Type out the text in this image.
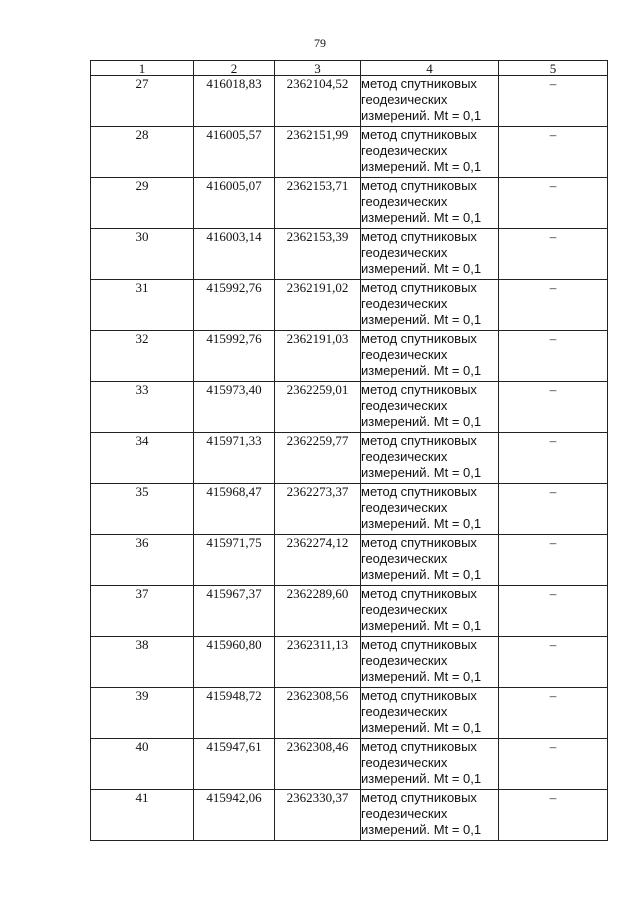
79
1	2	3	4	5
27	416018,83	2362104,52	метод спутниковых
геодезических
измерений. Mt = 0,1	–
28	416005,57	2362151,99	метод спутниковых
геодезических
измерений. Mt = 0,1	–
29	416005,07	2362153,71	метод спутниковых
геодезических
измерений. Mt = 0,1	–
30	416003,14	2362153,39	метод спутниковых
геодезических
измерений. Mt = 0,1	–
31	415992,76	2362191,02	метод спутниковых
геодезических
измерений. Mt = 0,1	–
32	415992,76	2362191,03	метод спутниковых
геодезических
измерений. Mt = 0,1	–
33	415973,40	2362259,01	метод спутниковых
геодезических
измерений. Mt = 0,1	–
34	415971,33	2362259,77	метод спутниковых
геодезических
измерений. Mt = 0,1	–
35	415968,47	2362273,37	метод спутниковых
геодезических
измерений. Mt = 0,1	–
36	415971,75	2362274,12	метод спутниковых
геодезических
измерений. Mt = 0,1	–
37	415967,37	2362289,60	метод спутниковых
геодезических
измерений. Mt = 0,1	–
38	415960,80	2362311,13	метод спутниковых
геодезических
измерений. Mt = 0,1	–
39	415948,72	2362308,56	метод спутниковых
геодезических
измерений. Mt = 0,1	–
40	415947,61	2362308,46	метод спутниковых
геодезических
измерений. Mt = 0,1	–
41	415942,06	2362330,37	метод спутниковых
геодезических
измерений. Mt = 0,1	–
